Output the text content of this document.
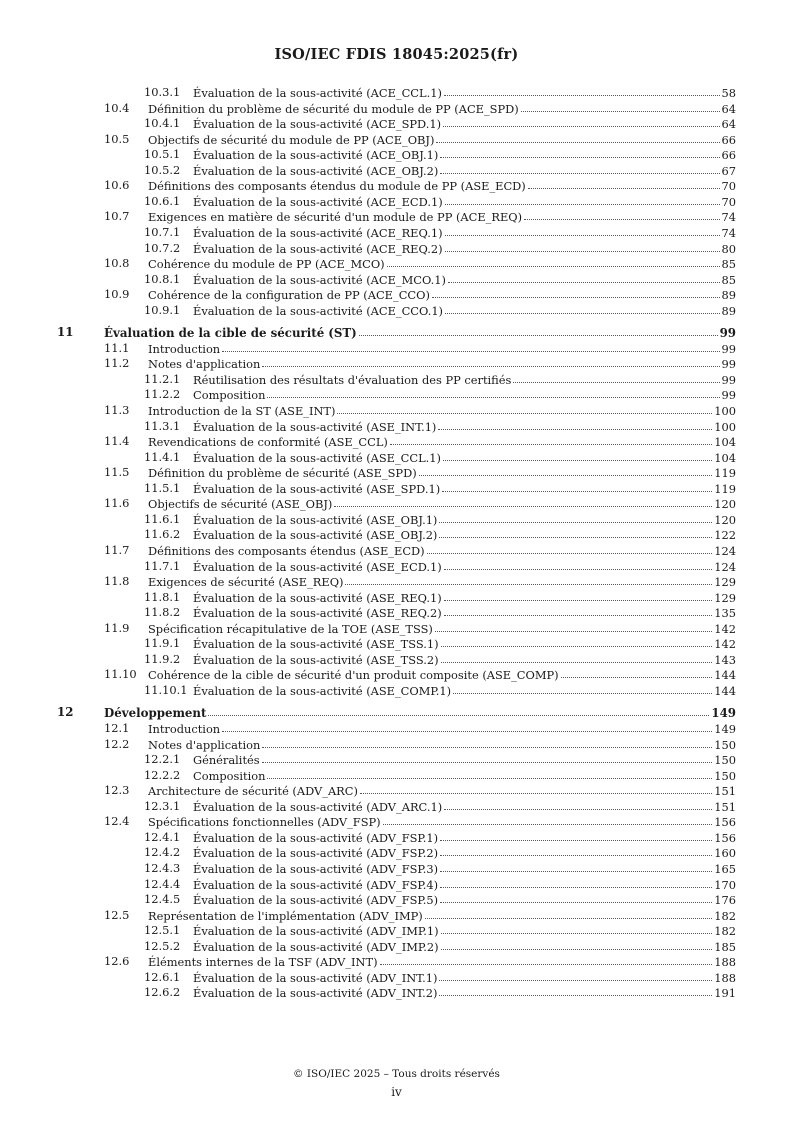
ISO/IEC FDIS 18045:2025(fr)
10.3.1 Évaluation de la sous-activité (ACE_CCL.1)	58
10.4 Définition du problème de sécurité du module de PP (ACE_SPD)	64
10.4.1 Évaluation de la sous-activité (ACE_SPD.1)	64
10.5 Objectifs de sécurité du module de PP (ACE_OBJ)	66
10.5.1 Évaluation de la sous-activité (ACE_OBJ.1)	66
10.5.2 Évaluation de la sous-activité (ACE_OBJ.2)	67
10.6 Définitions des composants étendus du module de PP (ASE_ECD)	70
10.6.1 Évaluation de la sous-activité (ACE_ECD.1)	70
10.7 Exigences en matière de sécurité d'un module de PP (ACE_REQ)	74
10.7.1 Évaluation de la sous-activité (ACE_REQ.1)	74
10.7.2 Évaluation de la sous-activité (ACE_REQ.2)	80
10.8 Cohérence du module de PP (ACE_MCO)	85
10.8.1 Évaluation de la sous-activité (ACE_MCO.1)	85
10.9 Cohérence de la configuration de PP (ACE_CCO)	89
10.9.1 Évaluation de la sous-activité (ACE_CCO.1)	89
11	Évaluation de la cible de sécurité (ST)	99
11.1 Introduction	99
11.2 Notes d'application	99
11.2.1 Réutilisation des résultats d'évaluation des PP certifiés	99
11.2.2 Composition	99
11.3 Introduction de la ST (ASE_INT)	100
11.3.1 Évaluation de la sous-activité (ASE_INT.1)	100
11.4 Revendications de conformité (ASE_CCL)	104
11.4.1 Évaluation de la sous-activité (ASE_CCL.1)	104
11.5 Définition du problème de sécurité (ASE_SPD)	119
11.5.1 Évaluation de la sous-activité (ASE_SPD.1)	119
11.6 Objectifs de sécurité (ASE_OBJ)	120
11.6.1 Évaluation de la sous-activité (ASE_OBJ.1)	120
11.6.2 Évaluation de la sous-activité (ASE_OBJ.2)	122
11.7 Définitions des composants étendus (ASE_ECD)	124
11.7.1 Évaluation de la sous-activité (ASE_ECD.1)	124
11.8 Exigences de sécurité (ASE_REQ)	129
11.8.1 Évaluation de la sous-activité (ASE_REQ.1)	129
11.8.2 Évaluation de la sous-activité (ASE_REQ.2)	135
11.9 Spécification récapitulative de la TOE (ASE_TSS)	142
11.9.1 Évaluation de la sous-activité (ASE_TSS.1)	142
11.9.2 Évaluation de la sous-activité (ASE_TSS.2)	143
11.10 Cohérence de la cible de sécurité d'un produit composite (ASE_COMP)	144
11.10.1 Évaluation de la sous-activité (ASE_COMP.1)	144
12	Développement	149
12.1 Introduction	149
12.2 Notes d'application	150
12.2.1 Généralités	150
12.2.2 Composition	150
12.3 Architecture de sécurité (ADV_ARC)	151
12.3.1 Évaluation de la sous-activité (ADV_ARC.1)	151
12.4 Spécifications fonctionnelles (ADV_FSP)	156
12.4.1 Évaluation de la sous-activité (ADV_FSP.1)	156
12.4.2 Évaluation de la sous-activité (ADV_FSP.2)	160
12.4.3 Évaluation de la sous-activité (ADV_FSP.3)	165
12.4.4 Évaluation de la sous-activité (ADV_FSP.4)	170
12.4.5 Évaluation de la sous-activité (ADV_FSP.5)	176
12.5 Représentation de l'implémentation (ADV_IMP)	182
12.5.1 Évaluation de la sous-activité (ADV_IMP.1)	182
12.5.2 Évaluation de la sous-activité (ADV_IMP.2)	185
12.6 Éléments internes de la TSF (ADV_INT)	188
12.6.1 Évaluation de la sous-activité (ADV_INT.1)	188
12.6.2 Évaluation de la sous-activité (ADV_INT.2)	191
© ISO/IEC 2025 – Tous droits réservés
iv
